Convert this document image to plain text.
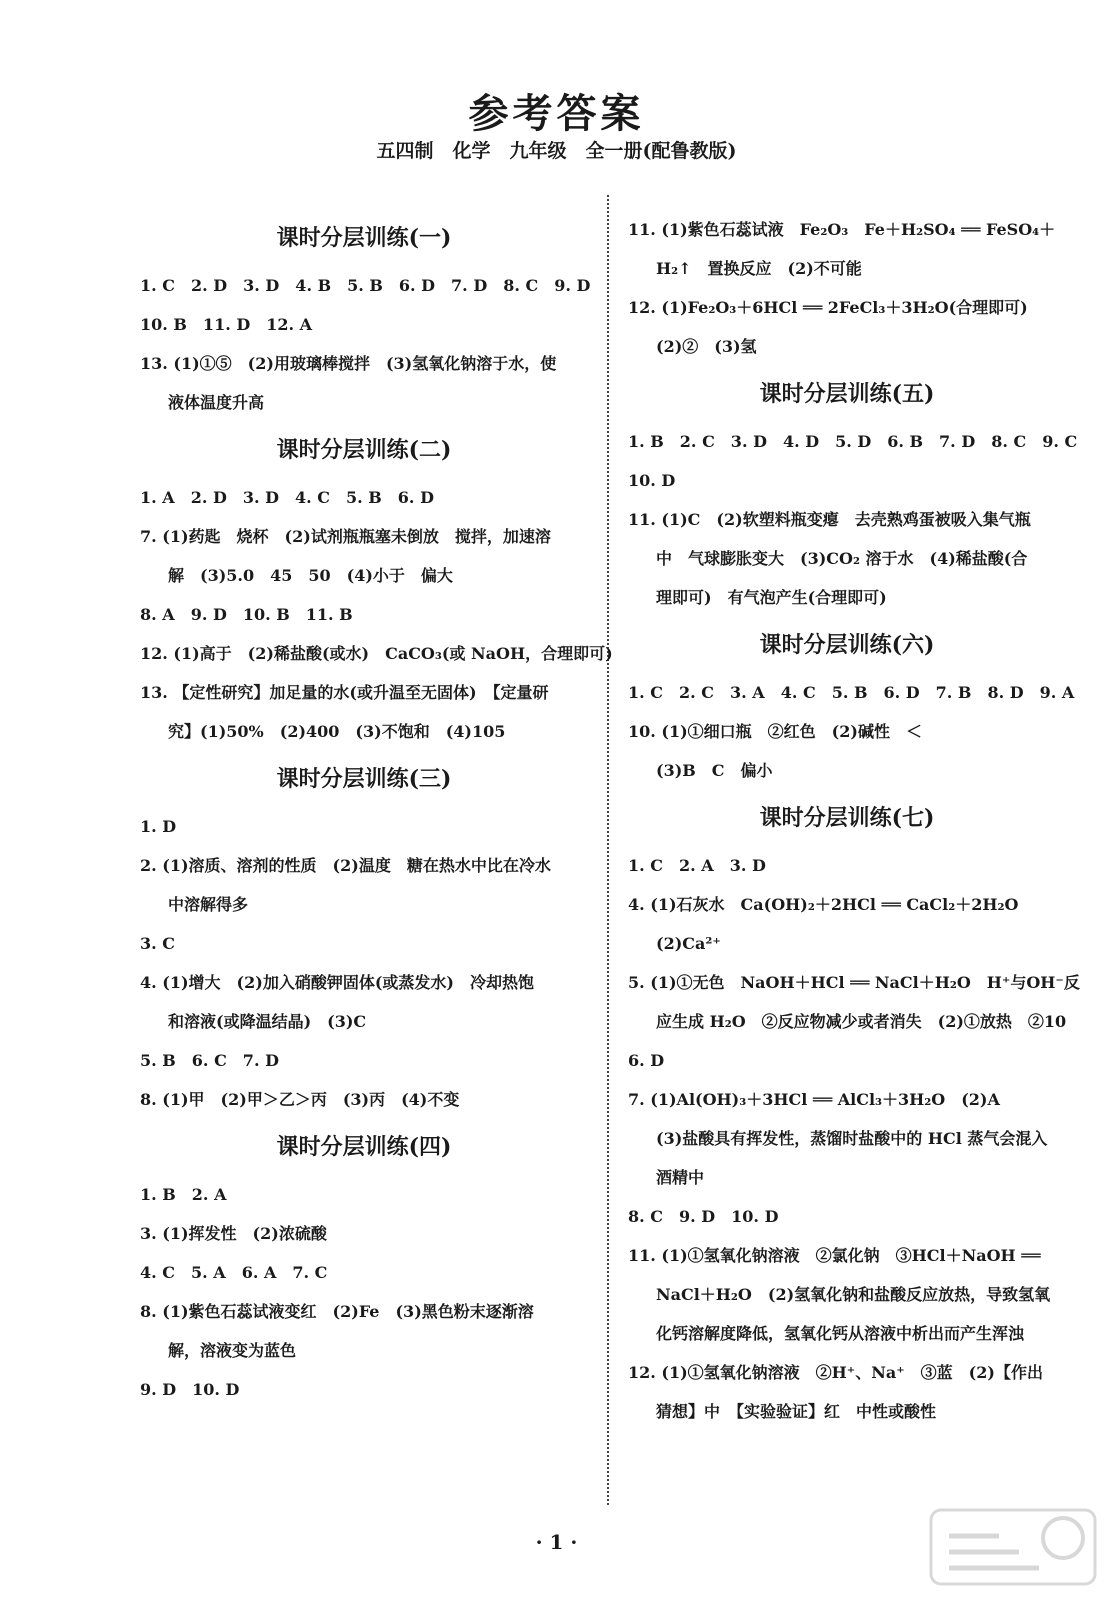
参考答案
五四制　化学　九年级　全一册(配鲁教版)
课时分层训练(一)

1. C　2. D　3. D　4. B　5. B　6. D　7. D　8. C　9. D

10. B　11. D　12. A

13. (1)①⑤　(2)用玻璃棒搅拌　(3)氢氧化钠溶于水，使

液体温度升高

课时分层训练(二)

1. A　2. D　3. D　4. C　5. B　6. D

7. (1)药匙　烧杯　(2)试剂瓶瓶塞未倒放　搅拌，加速溶

解　(3)5.0　45　50　(4)小于　偏大

8. A　9. D　10. B　11. B

12. (1)高于　(2)稀盐酸(或水)　CaCO₃(或 NaOH，合理即可)

13. 【定性研究】加足量的水(或升温至无固体)　【定量研

究】(1)50%　(2)400　(3)不饱和　(4)105

课时分层训练(三)

1. D

2. (1)溶质、溶剂的性质　(2)温度　糖在热水中比在冷水

中溶解得多

3. C

4. (1)增大　(2)加入硝酸钾固体(或蒸发水)　冷却热饱

和溶液(或降温结晶)　(3)C

5. B　6. C　7. D

8. (1)甲　(2)甲＞乙＞丙　(3)丙　(4)不变

课时分层训练(四)

1. B　2. A

3. (1)挥发性　(2)浓硫酸

4. C　5. A　6. A　7. C

8. (1)紫色石蕊试液变红　(2)Fe　(3)黑色粉末逐渐溶

解，溶液变为蓝色

9. D　10. D

11. (1)紫色石蕊试液　Fe₂O₃　Fe＋H₂SO₄ ══ FeSO₄＋

H₂↑　置换反应　(2)不可能

12. (1)Fe₂O₃＋6HCl ══ 2FeCl₃＋3H₂O(合理即可)

(2)②　(3)氢

课时分层训练(五)

1. B　2. C　3. D　4. D　5. D　6. B　7. D　8. C　9. C

10. D

11. (1)C　(2)软塑料瓶变瘪　去壳熟鸡蛋被吸入集气瓶

中　气球膨胀变大　(3)CO₂ 溶于水　(4)稀盐酸(合

理即可)　有气泡产生(合理即可)

课时分层训练(六)

1. C　2. C　3. A　4. C　5. B　6. D　7. B　8. D　9. A

10. (1)①细口瓶　②红色　(2)碱性　＜

(3)B　C　偏小

课时分层训练(七)

1. C　2. A　3. D

4. (1)石灰水　Ca(OH)₂＋2HCl ══ CaCl₂＋2H₂O

(2)Ca²⁺

5. (1)①无色　NaOH＋HCl ══ NaCl＋H₂O　H⁺与OH⁻反

应生成 H₂O　②反应物减少或者消失　(2)①放热　②10

6. D

7. (1)Al(OH)₃＋3HCl ══ AlCl₃＋3H₂O　(2)A

(3)盐酸具有挥发性，蒸馏时盐酸中的 HCl 蒸气会混入

酒精中

8. C　9. D　10. D

11. (1)①氢氧化钠溶液　②氯化钠　③HCl＋NaOH ══

NaCl＋H₂O　(2)氢氧化钠和盐酸反应放热，导致氢氧

化钙溶解度降低，氢氧化钙从溶液中析出而产生浑浊

12. (1)①氢氧化钠溶液　②H⁺、Na⁺　③蓝　(2)【作出

猜想】中　【实验验证】红　中性或酸性

· 1 ·
